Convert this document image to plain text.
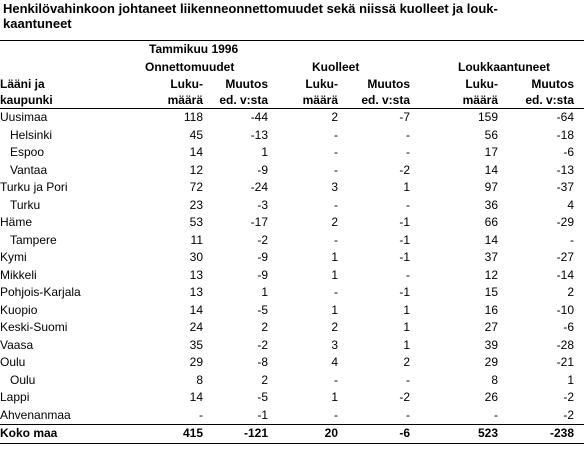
Henkilövahinkoon johtaneet liikenneonnettomuudet sekä niissä kuolleet ja louk-
kaantuneet
	Tammikuu 1996					
	Onnettomuudet		Kuolleet		Loukkaantuneet	
Lääni ja	Luku-	Muutos	Luku-	Muutos	Luku-	Muutos
kaupunki	määrä	ed. v:sta	määrä	ed. v:sta	määrä	ed. v:sta
Uusimaa	118	-44	2	-7	159	-64
Helsinki	45	-13	-	-	56	-18
Espoo	14	1	-	-	17	-6
Vantaa	12	-9	-	-2	14	-13
Turku ja Pori	72	-24	3	1	97	-37
Turku	23	-3	-	-	36	4
Häme	53	-17	2	-1	66	-29
Tampere	11	-2	-	-1	14	-
Kymi	30	-9	1	-1	37	-27
Mikkeli	13	-9	1	-	12	-14
Pohjois-Karjala	13	1	-	-1	15	2
Kuopio	14	-5	1	1	16	-10
Keski-Suomi	24	2	2	1	27	-6
Vaasa	35	-2	3	1	39	-28
Oulu	29	-8	4	2	29	-21
Oulu	8	2	-	-	8	1
Lappi	14	-5	1	-2	26	-2
Ahvenanmaa	-	-1	-	-	-	-2
Koko maa	415	-121	20	-6	523	-238
